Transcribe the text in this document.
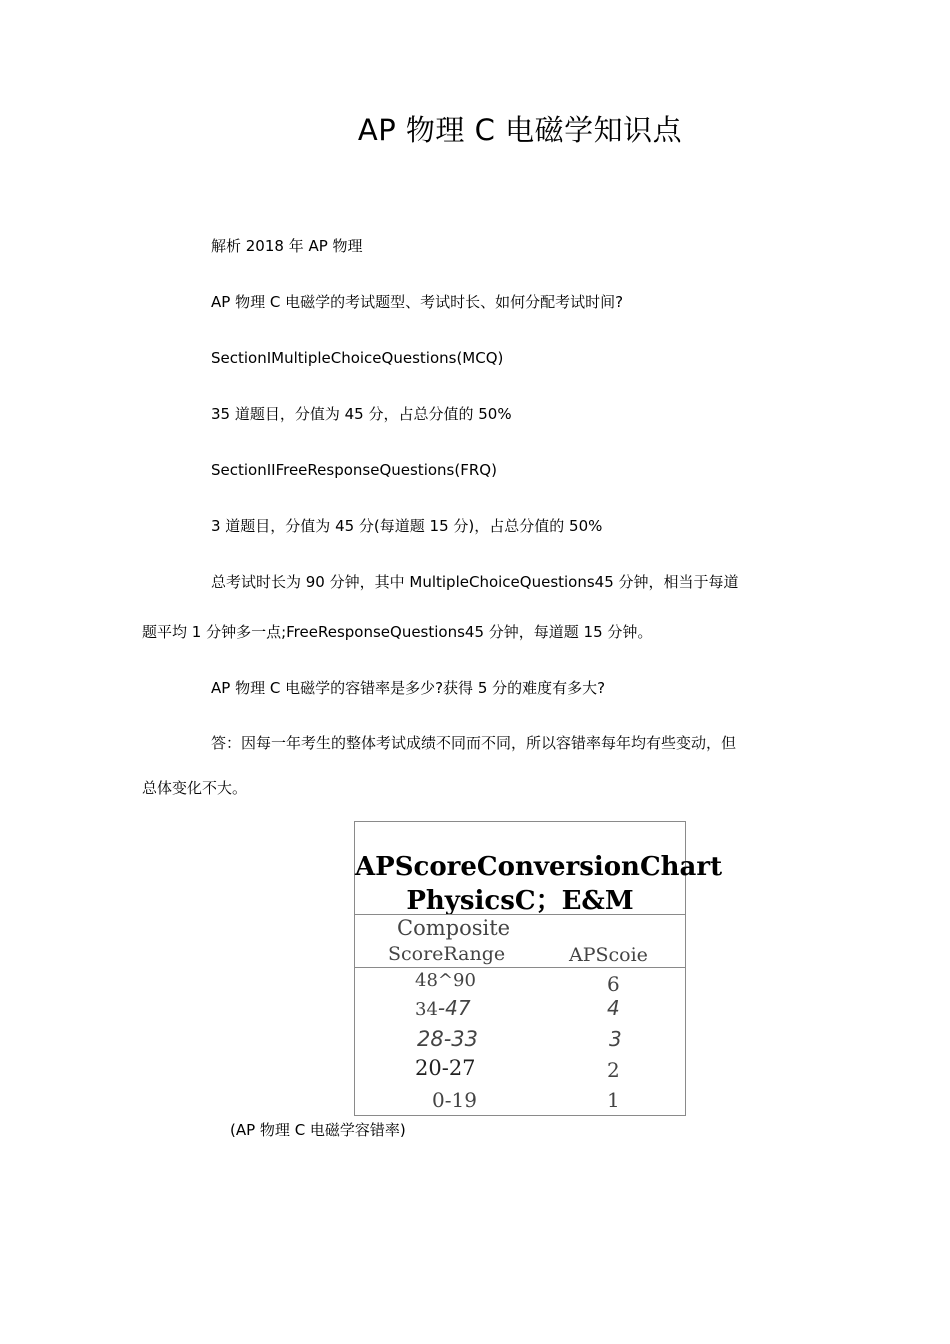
AP 物理 C 电磁学知识点
解析 2018 年 AP 物理
AP 物理 C 电磁学的考试题型、考试时长、如何分配考试时间?
SectionIMultipleChoiceQuestions(MCQ)
35 道题目，分值为 45 分，占总分值的 50%
SectionIIFreeResponseQuestions(FRQ)
3 道题目，分值为 45 分(每道题 15 分)，占总分值的 50%
总考试时长为 90 分钟，其中 MultipleChoiceQuestions45 分钟，相当于每道
题平均 1 分钟多一点;FreeResponseQuestions45 分钟，每道题 15 分钟。
AP 物理 C 电磁学的容错率是多少?获得 5 分的难度有多大?
答：因每一年考生的整体考试成绩不同而不同，所以容错率每年均有些变动，但
总体变化不大。
APScoreConversionChart
PhysicsC；E&M
Composite
ScoreRange	APScoie
48^90	6
34-47	4
28-33	3
20-27	2
0-19	1
(AP 物理 C 电磁学容错率)
